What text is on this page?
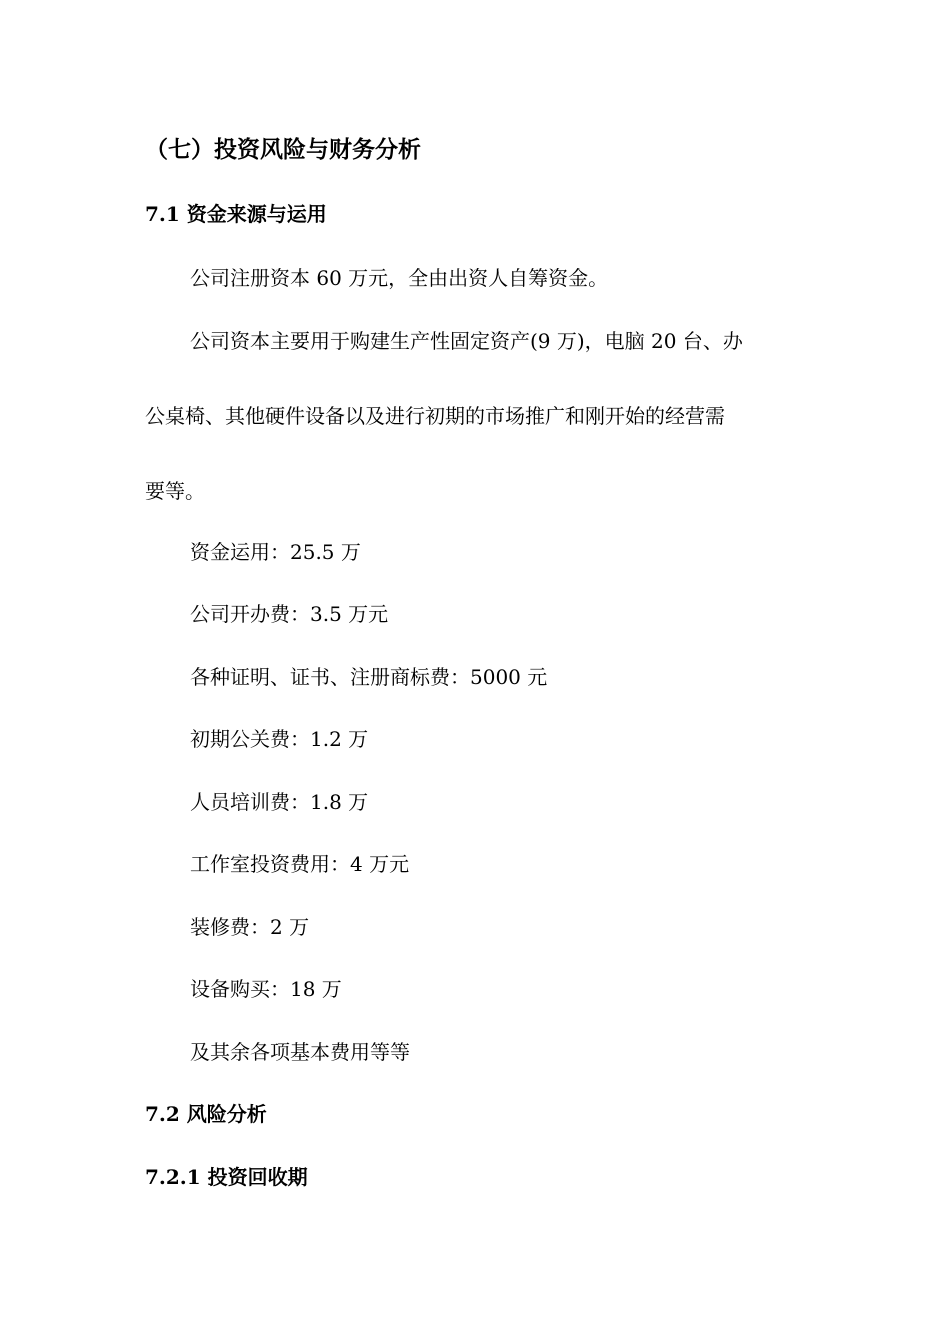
（七）投资风险与财务分析
7.1 资金来源与运用
公司注册资本 60 万元，全由出资人自筹资金。
公司资本主要用于购建生产性固定资产(9 万)，电脑 20 台、办
公桌椅、其他硬件设备以及进行初期的市场推广和刚开始的经营需
要等。
资金运用：25.5 万
公司开办费：3.5 万元
各种证明、证书、注册商标费：5000 元
初期公关费：1.2 万
人员培训费：1.8 万
工作室投资费用：4 万元
装修费：2 万
设备购买：18 万
及其余各项基本费用等等
7.2 风险分析
7.2.1 投资回收期
